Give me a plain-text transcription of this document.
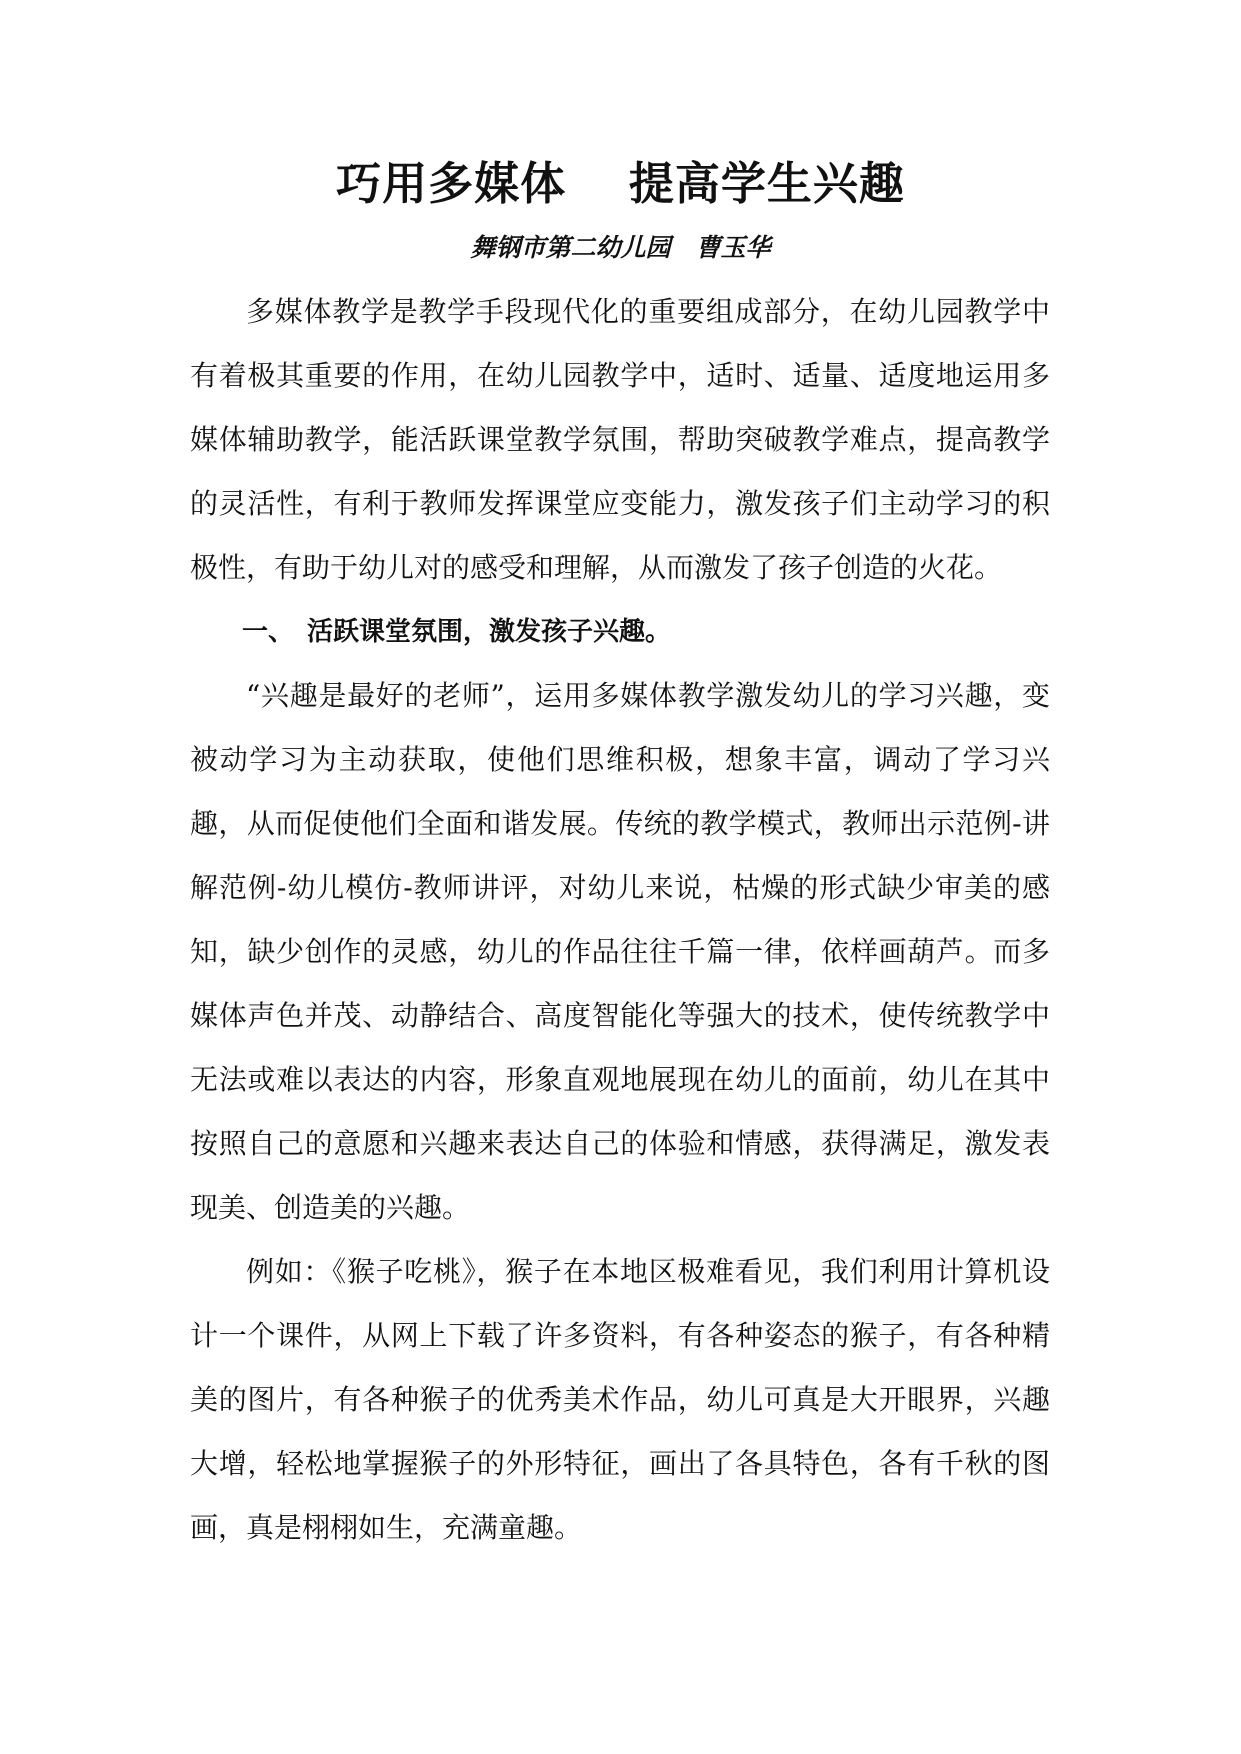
巧用多媒体　 提高学生兴趣
舞钢市第二幼儿园　曹玉华

多媒体教学是教学手段现代化的重要组成部分，在幼儿园教学中有着极其重要的作用，在幼儿园教学中，适时、适量、适度地运用多媒体辅助教学，能活跃课堂教学氛围，帮助突破教学难点，提高教学的灵活性，有利于教师发挥课堂应变能力，激发孩子们主动学习的积极性，有助于幼儿对的感受和理解，从而激发了孩子创造的火花。

一、　活跃课堂氛围，激发孩子兴趣。

“兴趣是最好的老师”，运用多媒体教学激发幼儿的学习兴趣，变被动学习为主动获取，使他们思维积极，想象丰富，调动了学习兴趣，从而促使他们全面和谐发展。传统的教学模式，教师出示范例-讲解范例-幼儿模仿-教师讲评，对幼儿来说，枯燥的形式缺少审美的感知，缺少创作的灵感，幼儿的作品往往千篇一律，依样画葫芦。而多媒体声色并茂、动静结合、高度智能化等强大的技术，使传统教学中无法或难以表达的内容，形象直观地展现在幼儿的面前，幼儿在其中按照自己的意愿和兴趣来表达自己的体验和情感，获得满足，激发表现美、创造美的兴趣。

例如：《猴子吃桃》，猴子在本地区极难看见，我们利用计算机设计一个课件，从网上下载了许多资料，有各种姿态的猴子，有各种精美的图片，有各种猴子的优秀美术作品，幼儿可真是大开眼界，兴趣大增，轻松地掌握猴子的外形特征，画出了各具特色，各有千秋的图画，真是栩栩如生，充满童趣。
